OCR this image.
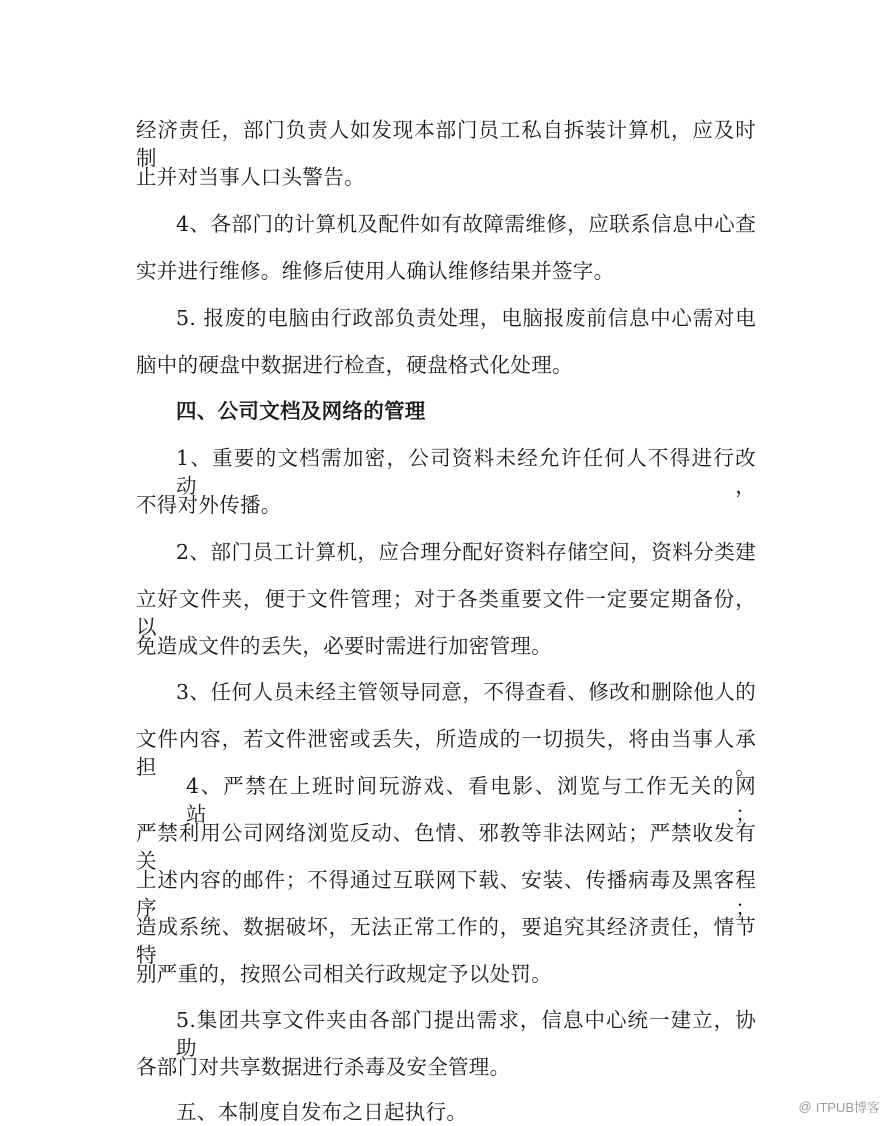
经济责任，部门负责人如发现本部门员工私自拆装计算机，应及时制
止并对当事人口头警告。
4、各部门的计算机及配件如有故障需维修，应联系信息中心查
实并进行维修。维修后使用人确认维修结果并签字。
5. 报废的电脑由行政部负责处理，电脑报废前信息中心需对电
脑中的硬盘中数据进行检查，硬盘格式化处理。
四、公司文档及网络的管理
1、重要的文档需加密，公司资料未经允许任何人不得进行改动，
不得对外传播。
2、部门员工计算机，应合理分配好资料存储空间，资料分类建
立好文件夹，便于文件管理；对于各类重要文件一定要定期备份，以
免造成文件的丢失，必要时需进行加密管理。
3、任何人员未经主管领导同意，不得查看、修改和删除他人的
文件内容，若文件泄密或丢失，所造成的一切损失，将由当事人承担。
4、严禁在上班时间玩游戏、看电影、浏览与工作无关的网站；
严禁利用公司网络浏览反动、色情、邪教等非法网站；严禁收发有关
上述内容的邮件；不得通过互联网下载、安装、传播病毒及黑客程序；
造成系统、数据破坏，无法正常工作的，要追究其经济责任，情节特
别严重的，按照公司相关行政规定予以处罚。
5.集团共享文件夹由各部门提出需求，信息中心统一建立，协助
各部门对共享数据进行杀毒及安全管理。
五、本制度自发布之日起执行。	@ ITPUB博客
